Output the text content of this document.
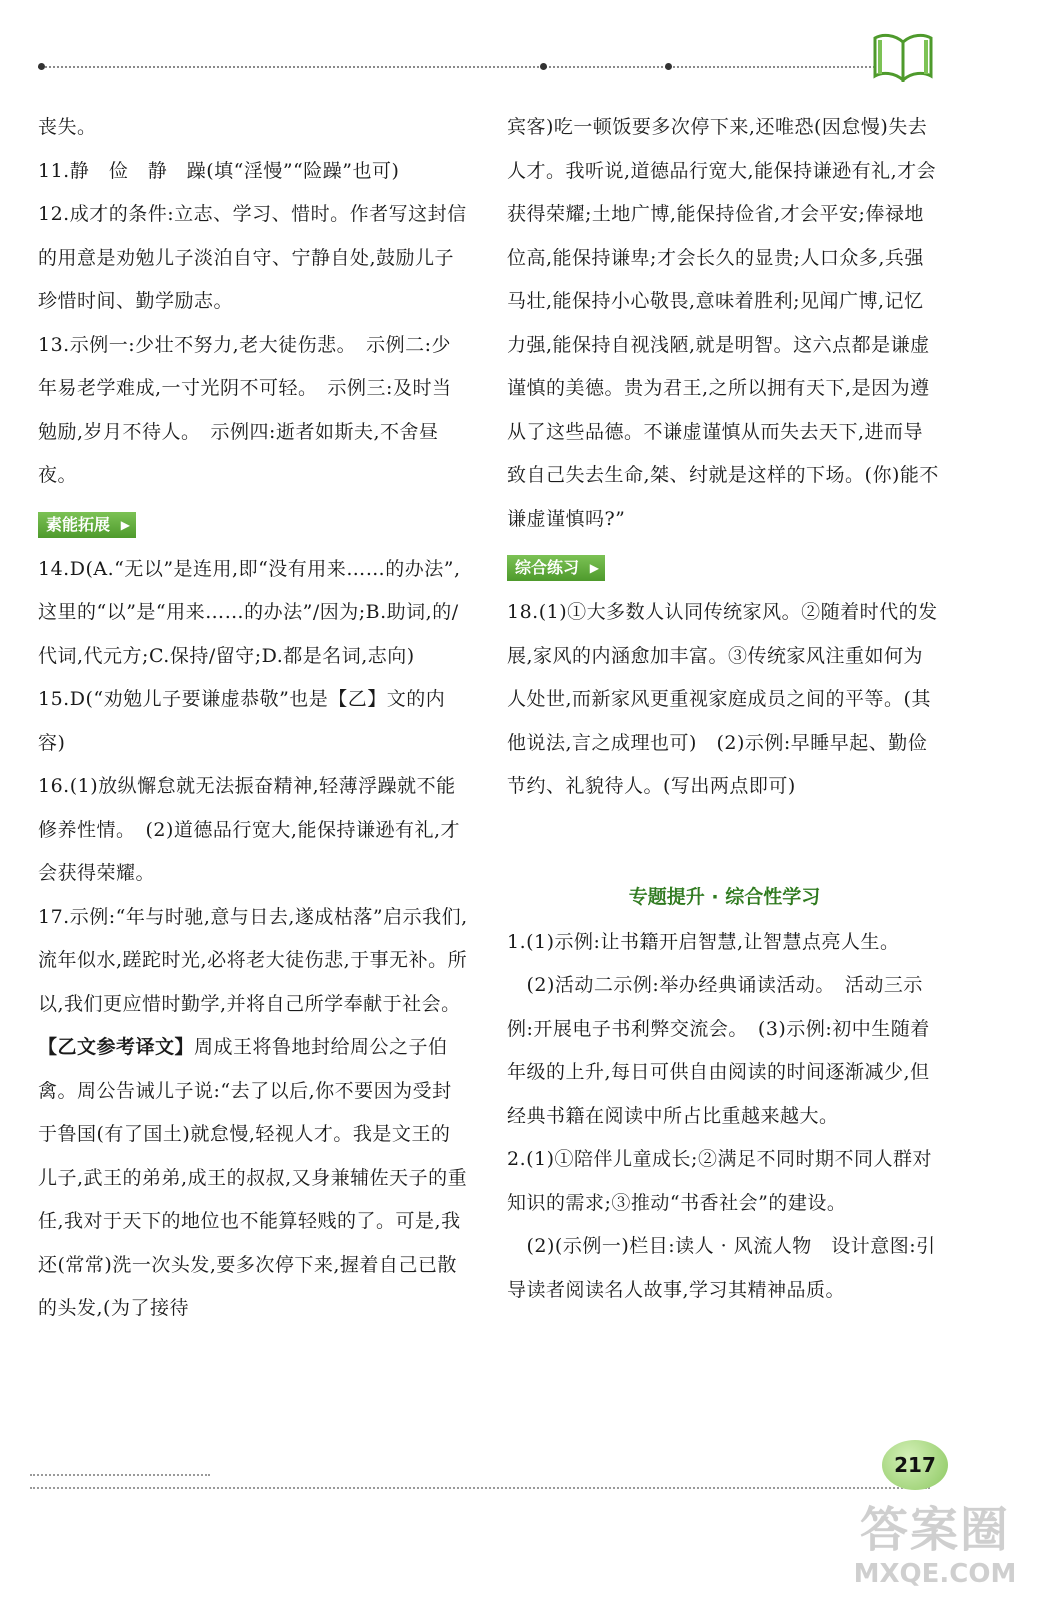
丧失。

11.静　俭　静　躁(填“淫慢”“险躁”也可)

12.成才的条件:立志、学习、惜时。作者写这封信的用意是劝勉儿子淡泊自守、宁静自处,鼓励儿子珍惜时间、勤学励志。

13.示例一:少壮不努力,老大徒伤悲。　示例二:少年易老学难成,一寸光阴不可轻。　示例三:及时当勉励,岁月不待人。　示例四:逝者如斯夫,不舍昼夜。

素能拓展 ▶

14.D(A.“无以”是连用,即“没有用来……的办法”,这里的“以”是“用来……的办法”/因为;B.助词,的/代词,代元方;C.保持/留守;D.都是名词,志向)

15.D(“劝勉儿子要谦虚恭敬”也是【乙】文的内容)

16.(1)放纵懈怠就无法振奋精神,轻薄浮躁就不能修养性情。　(2)道德品行宽大,能保持谦逊有礼,才会获得荣耀。

17.示例:“年与时驰,意与日去,遂成枯落”启示我们,流年似水,蹉跎时光,必将老大徒伤悲,于事无补。所以,我们更应惜时勤学,并将自己所学奉献于社会。

【乙文参考译文】周成王将鲁地封给周公之子伯禽。周公告诫儿子说:“去了以后,你不要因为受封于鲁国(有了国土)就怠慢,轻视人才。我是文王的儿子,武王的弟弟,成王的叔叔,又身兼辅佐天子的重任,我对于天下的地位也不能算轻贱的了。可是,我还(常常)洗一次头发,要多次停下来,握着自己已散的头发,(为了接待

宾客)吃一顿饭要多次停下来,还唯恐(因怠慢)失去人才。我听说,道德品行宽大,能保持谦逊有礼,才会获得荣耀;土地广博,能保持俭省,才会平安;俸禄地位高,能保持谦卑;才会长久的显贵;人口众多,兵强马壮,能保持小心敬畏,意味着胜利;见闻广博,记忆力强,能保持自视浅陋,就是明智。这六点都是谦虚谨慎的美德。贵为君王,之所以拥有天下,是因为遵从了这些品德。不谦虚谨慎从而失去天下,进而导致自己失去生命,桀、纣就是这样的下场。(你)能不谦虚谨慎吗?”

综合练习 ▶

18.(1)①大多数人认同传统家风。②随着时代的发展,家风的内涵愈加丰富。③传统家风注重如何为人处世,而新家风更重视家庭成员之间的平等。(其他说法,言之成理也可)　(2)示例:早睡早起、勤俭节约、礼貌待人。(写出两点即可)

专题提升 · 综合性学习

1.(1)示例:让书籍开启智慧,让智慧点亮人生。

　(2)活动二示例:举办经典诵读活动。　活动三示例:开展电子书利弊交流会。　(3)示例:初中生随着年级的上升,每日可供自由阅读的时间逐渐减少,但经典书籍在阅读中所占比重越来越大。

2.(1)①陪伴儿童成长;②满足不同时期不同人群对知识的需求;③推动“书香社会”的建设。

　(2)(示例一)栏目:读人 · 风流人物　设计意图:引导读者阅读名人故事,学习其精神品质。

217
答案圈
MXQE.COM
